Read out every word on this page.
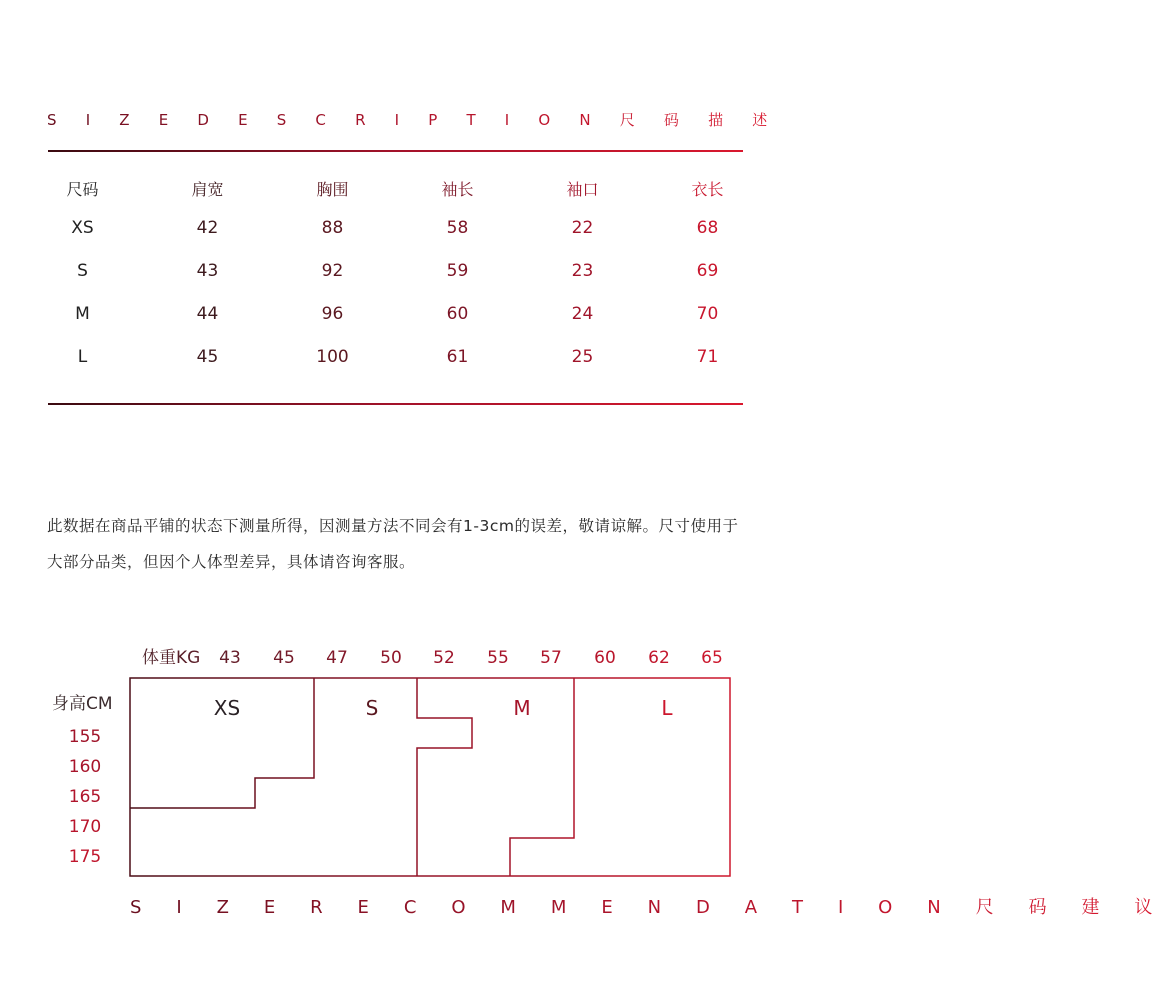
S I Z E D E S C R I P T I O N 尺 码 描 述
尺码	肩宽	胸围	袖长	袖口	衣长
XS	42	88	58	22	68
S	43	92	59	23	69
M	44	96	60	24	70
L	45	100	61	25	71
此数据在商品平铺的状态下测量所得，因测量方法不同会有1-3cm的误差，敬请谅解。尺寸使用于大部分品类，但因个人体型差异，具体请咨询客服。
体重KG 43 45 47 50 52 55 57 60 62 65
身高CM
155
160
165
170
175
XS	S	M	L
S I Z E R E C O M M E N D A T I O N 尺 码 建 议
